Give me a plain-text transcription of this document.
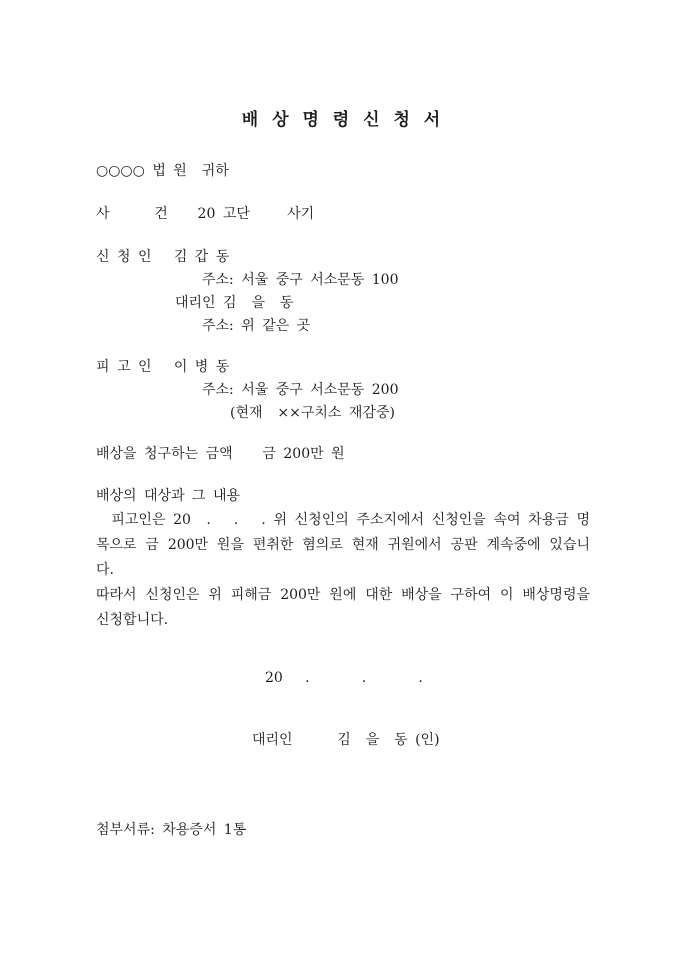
배 상 명 령 신 청 서
○○○○ 법 원  귀하
사      건    20 고단     사기
신 청 인   김 갑 동
주소: 서울 중구 서소문동 100
대리인 김  을  동
주소: 위 같은 곳
피 고 인   이 병 동
주소: 서울 중구 서소문동 200
(현재  ××구치소 재감중)
배상을 청구하는 금액    금 200만 원
배상의 대상과 그 내용
피고인은 20  .   .   . 위 신청인의 주소지에서 신청인을 속여 차용금 명목으로 금 200만 원을 편취한 혐의로 현재 귀원에서 공판 계속중에 있습니다.
따라서 신청인은 위 피해금 200만 원에 대한 배상을 구하여 이 배상명령을 신청합니다.
20   .       .       .
대리인      김  을  동 (인)
첨부서류: 차용증서 1통
